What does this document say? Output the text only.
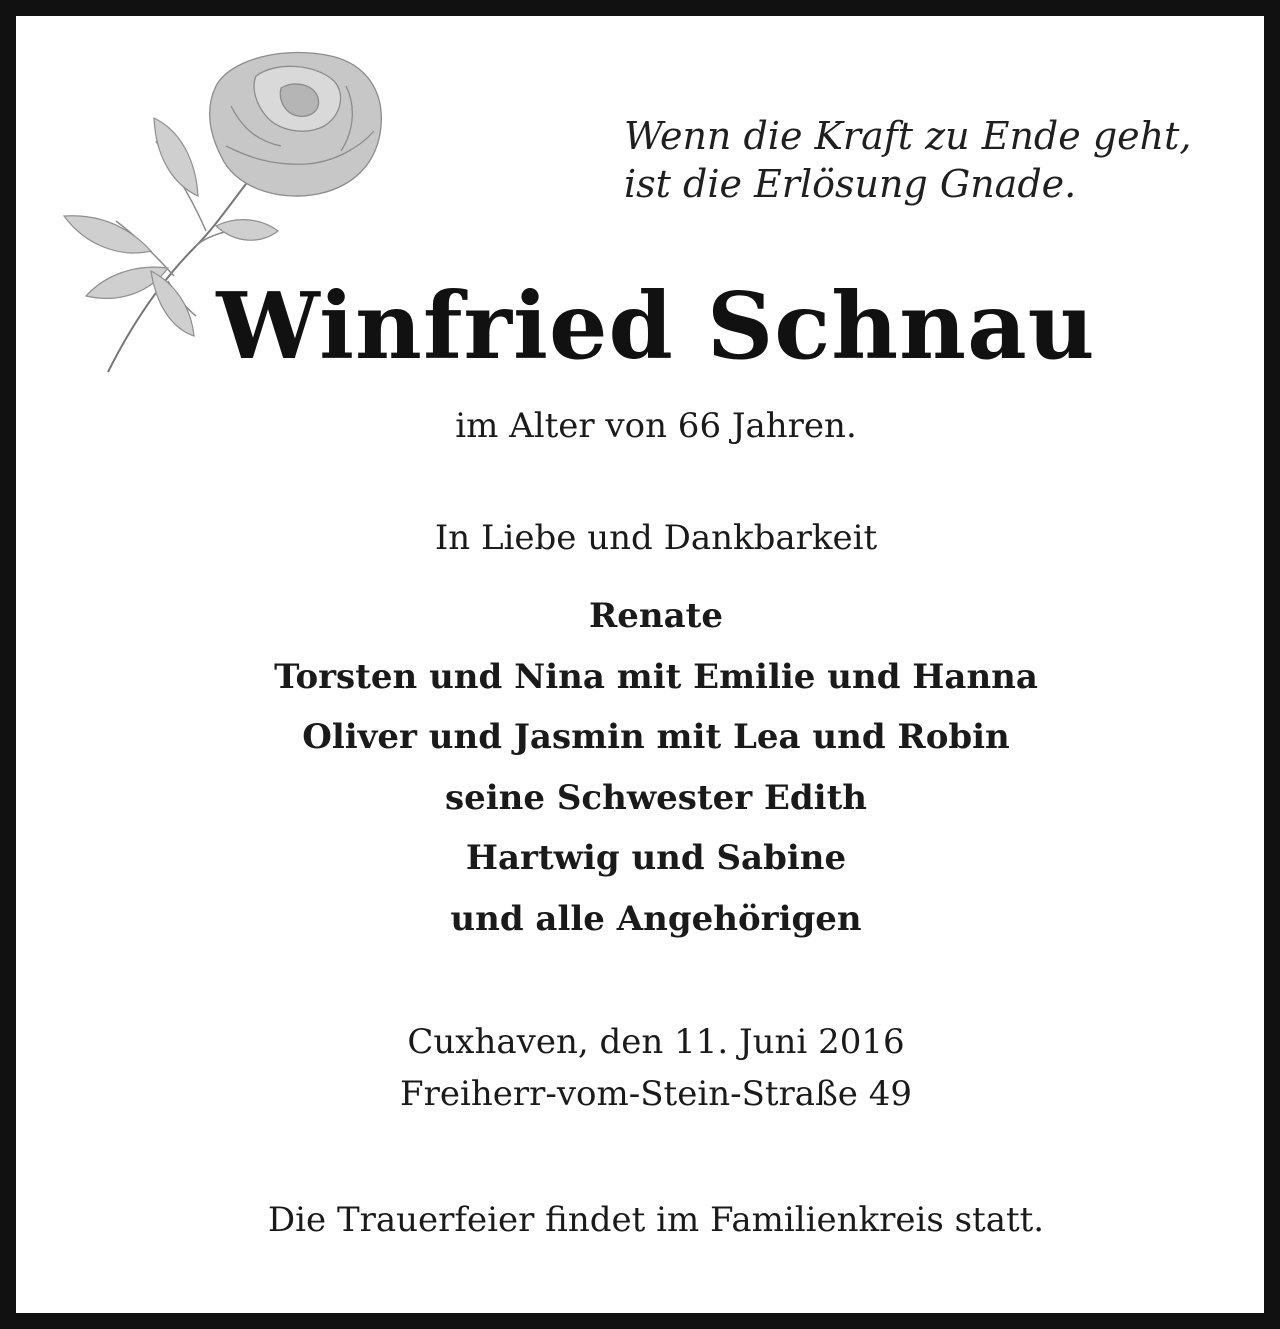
Wenn die Kraft zu Ende geht,
ist die Erlösung Gnade.
Winfried Schnau
im Alter von 66 Jahren.
In Liebe und Dankbarkeit
Renate
Torsten und Nina mit Emilie und Hanna
Oliver und Jasmin mit Lea und Robin
seine Schwester Edith
Hartwig und Sabine
und alle Angehörigen
Cuxhaven, den 11. Juni 2016
Freiherr-vom-Stein-Straße 49
Die Trauerfeier findet im Familienkreis statt.
